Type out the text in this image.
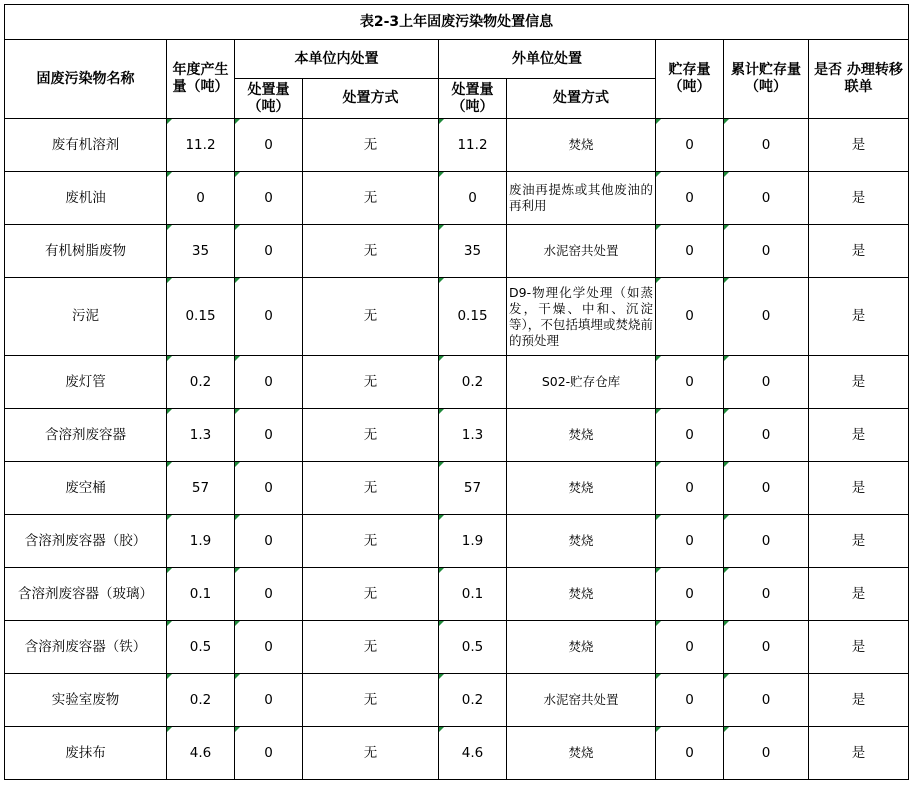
表2-3上年固废污染物处置信息								
固废污染物名称	年度产生量（吨）	本单位内处置		外单位处置		贮存量（吨）	累计贮存量（吨）	是否 办理转移联单
		处置量（吨）	处置方式	处置量（吨）	处置方式			
废有机溶剂	11.2	0	无	11.2	焚烧	0	0	是
废机油	0	0	无	0	废油再提炼或其他废油的再利用	0	0	是
有机树脂废物	35	0	无	35	水泥窑共处置	0	0	是
污泥	0.15	0	无	0.15	D9-物理化学处理（如蒸发，干燥、中和、沉淀等），不包括填埋或焚烧前的预处理	0	0	是
废灯管	0.2	0	无	0.2	S02-贮存仓库	0	0	是
含溶剂废容器	1.3	0	无	1.3	焚烧	0	0	是
废空桶	57	0	无	57	焚烧	0	0	是
含溶剂废容器（胶）	1.9	0	无	1.9	焚烧	0	0	是
含溶剂废容器（玻璃）	0.1	0	无	0.1	焚烧	0	0	是
含溶剂废容器（铁）	0.5	0	无	0.5	焚烧	0	0	是
实验室废物	0.2	0	无	0.2	水泥窑共处置	0	0	是
废抹布	4.6	0	无	4.6	焚烧	0	0	是
